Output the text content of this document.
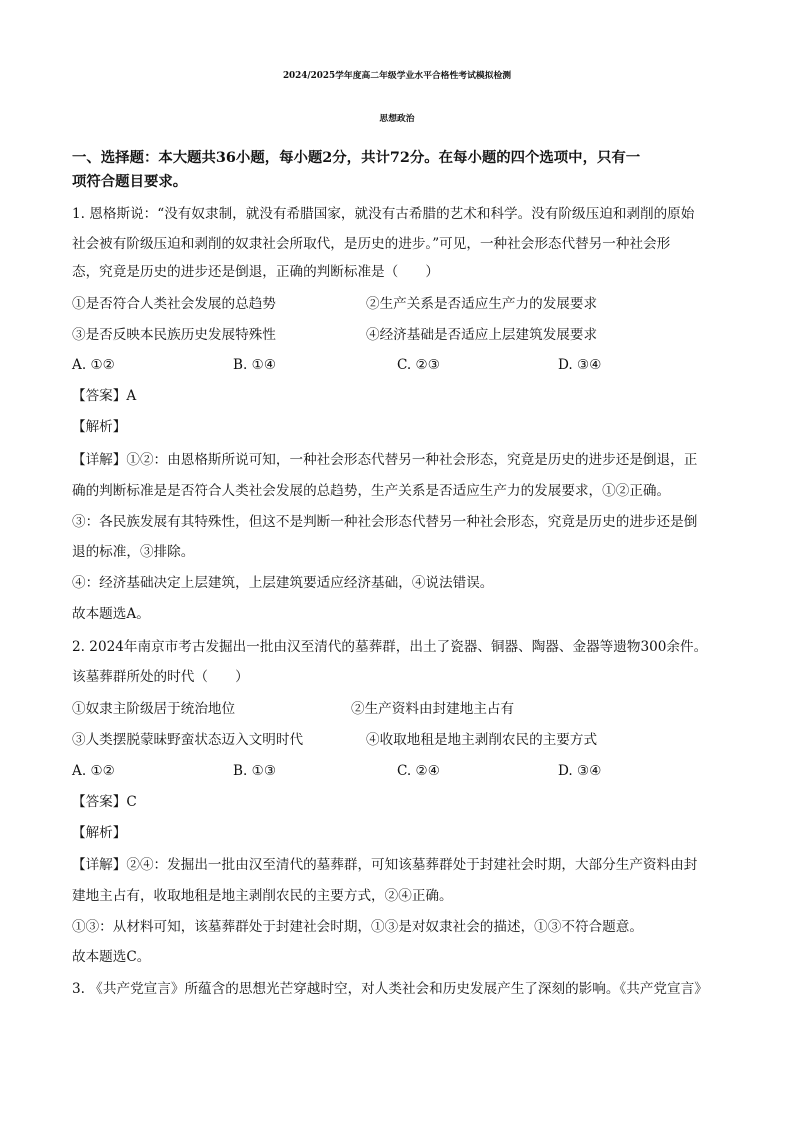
2024/2025学年度高二年级学业水平合格性考试模拟检测
思想政治
一、选择题：本大题共36小题，每小题2分，共计72分。在每小题的四个选项中，只有一
项符合题目要求。
1. 恩格斯说：“没有奴隶制，就没有希腊国家，就没有古希腊的艺术和科学。没有阶级压迫和剥削的原始
社会被有阶级压迫和剥削的奴隶社会所取代，是历史的进步。”可见，一种社会形态代替另一种社会形
态，究竟是历史的进步还是倒退，正确的判断标准是（　　）
①是否符合人类社会发展的总趋势	②生产关系是否适应生产力的发展要求
③是否反映本民族历史发展特殊性	④经济基础是否适应上层建筑发展要求
A. ①②	B. ①④	C. ②③	D. ③④
【答案】A
【解析】
【详解】①②：由恩格斯所说可知，一种社会形态代替另一种社会形态，究竟是历史的进步还是倒退，正
确的判断标准是是否符合人类社会发展的总趋势，生产关系是否适应生产力的发展要求，①②正确。
③：各民族发展有其特殊性，但这不是判断一种社会形态代替另一种社会形态，究竟是历史的进步还是倒
退的标准，③排除。
④：经济基础决定上层建筑，上层建筑要适应经济基础，④说法错误。
故本题选A。
2. 2024年南京市考古发掘出一批由汉至清代的墓葬群，出土了瓷器、铜器、陶器、金器等遗物300余件。
该墓葬群所处的时代（　　）
①奴隶主阶级居于统治地位	②生产资料由封建地主占有
③人类摆脱蒙昧野蛮状态迈入文明时代	④收取地租是地主剥削农民的主要方式
A. ①②	B. ①③	C. ②④	D. ③④
【答案】C
【解析】
【详解】②④：发掘出一批由汉至清代的墓葬群，可知该墓葬群处于封建社会时期，大部分生产资料由封
建地主占有，收取地租是地主剥削农民的主要方式，②④正确。
①③：从材料可知，该墓葬群处于封建社会时期，①③是对奴隶社会的描述，①③不符合题意。
故本题选C。
3. 《共产党宣言》所蕴含的思想光芒穿越时空，对人类社会和历史发展产生了深刻的影响。《共产党宣言》
